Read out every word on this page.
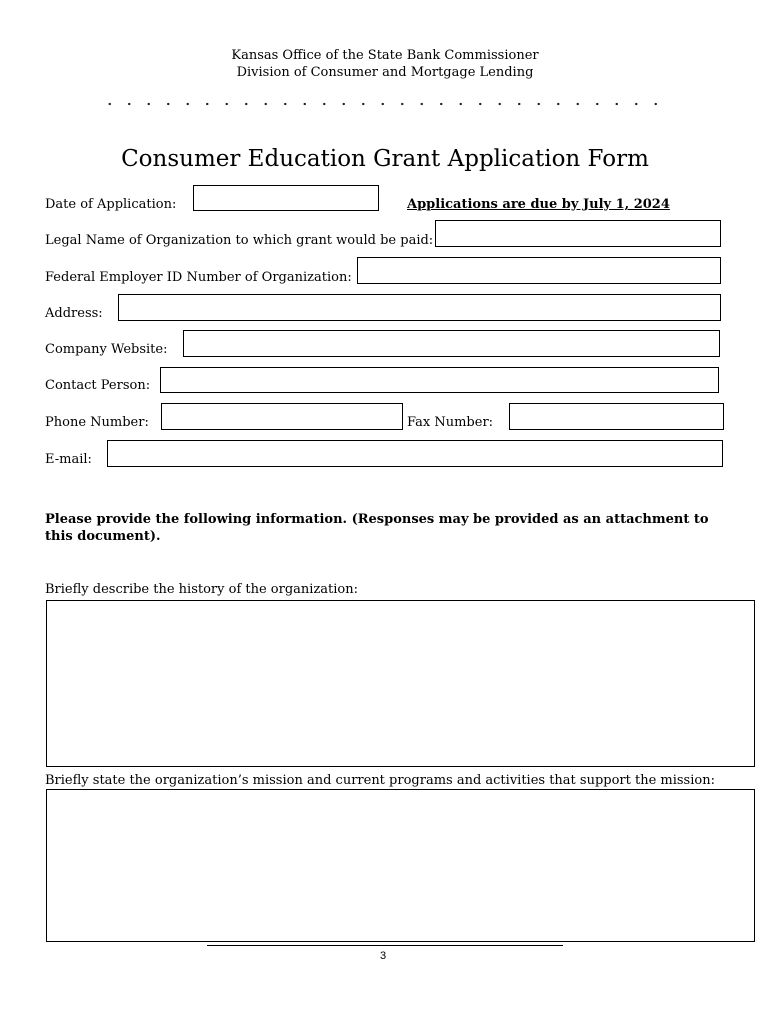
Kansas Office of the State Bank Commissioner
Division of Consumer and Mortgage Lending
Consumer Education Grant Application Form
Date of Application:	Applications are due by July 1, 2024
Legal Name of Organization to which grant would be paid:
Federal Employer ID Number of Organization:
Address:
Company Website:
Contact Person:
Phone Number:	Fax Number:
E-mail:
Please provide the following information. (Responses may be provided as an attachment to this document).
Briefly describe the history of the organization:
Briefly state the organization’s mission and current programs and activities that support the mission:
3
